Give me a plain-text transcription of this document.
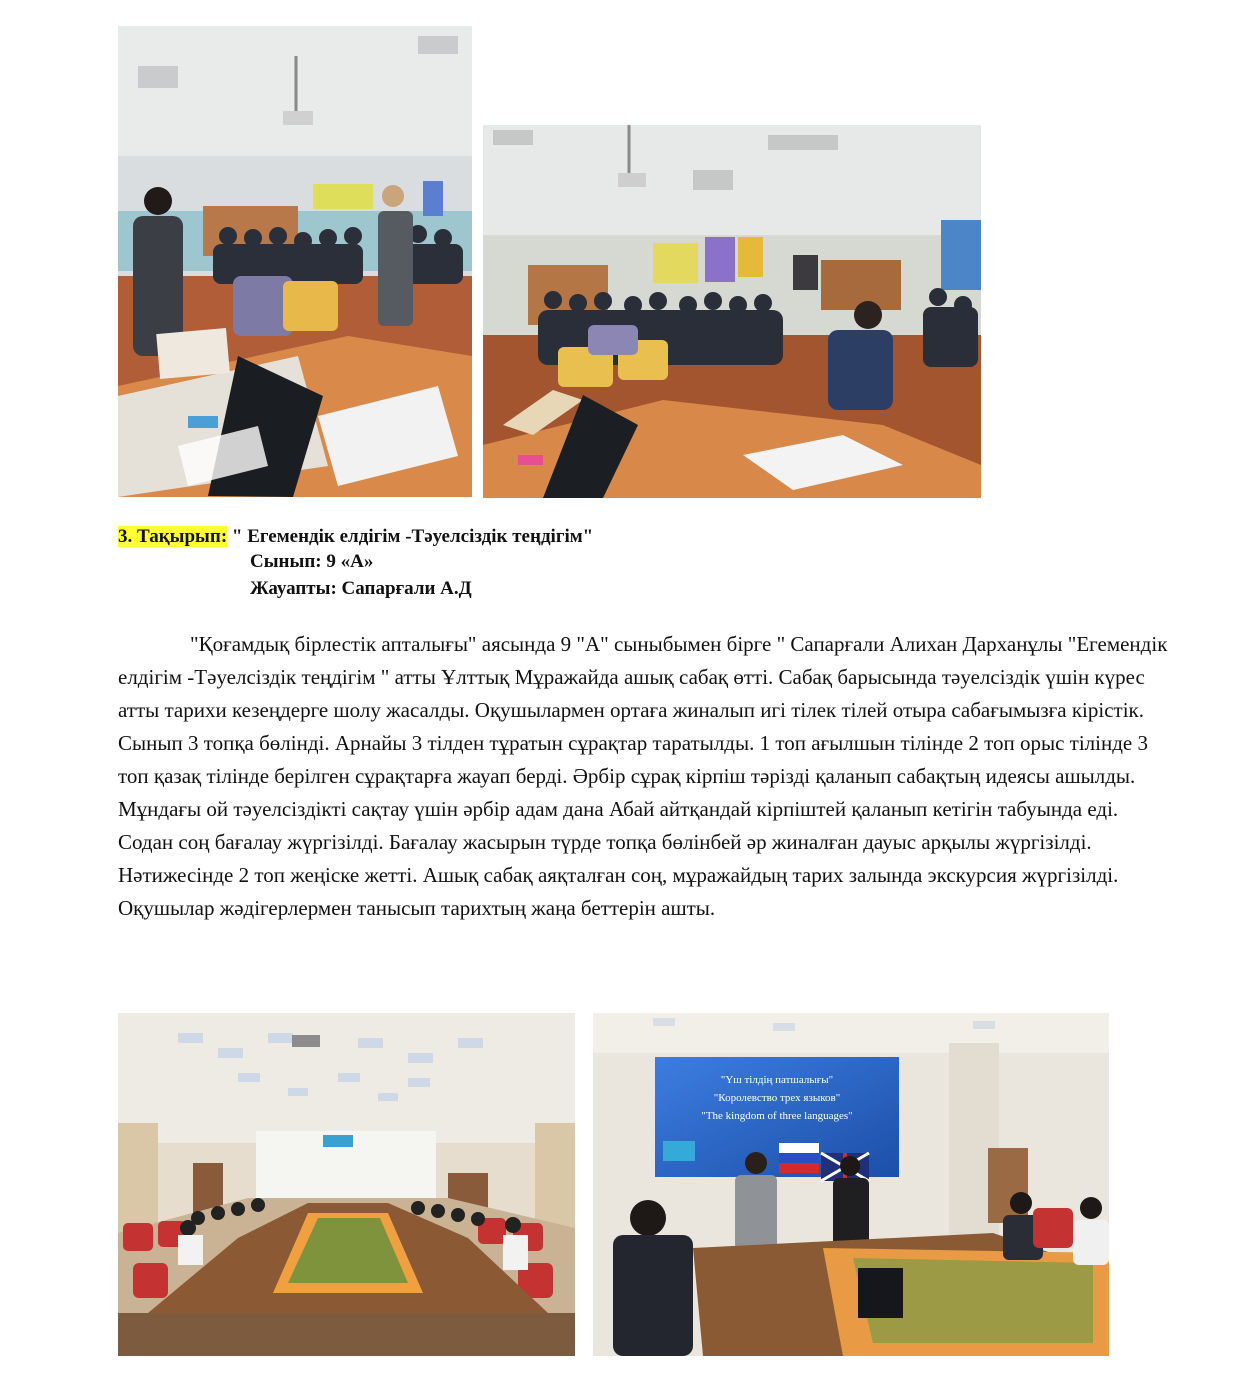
3. Тақырып: " Егемендік елдігім -Тәуелсіздік теңдігім"
Сынып: 9 «А»
Жауапты: Сапарғали А.Д

"Қоғамдық бірлестік апталығы" аясында 9 "А" сыныбымен бірге " Сапарғали Алихан Дарханұлы "Егемендік елдігім -Тәуелсіздік теңдігім " атты Ұлттық Мұражайда ашық сабақ өтті. Сабақ барысында тәуелсіздік үшін күрес атты тарихи кезеңдерге шолу жасалды. Оқушылармен ортаға жиналып игі тілек тілей отыра сабағымызға кірістік. Сынып 3 топқа бөлінді. Арнайы 3 тілден тұратын сұрақтар таратылды. 1 топ ағылшын тілінде 2 топ орыс тілінде 3 топ қазақ тілінде берілген сұрақтарға жауап берді. Әрбір сұрақ кірпіш тәрізді қаланып сабақтың идеясы ашылды. Мұндағы ой тәуелсіздікті сақтау үшін әрбір адам дана Абай айтқандай кірпіштей қаланып кетігін табуында еді. Содан соң бағалау жүргізілді. Бағалау жасырын түрде топқа бөлінбей әр жиналған дауыс арқылы жүргізілді. Нәтижесінде 2 топ жеңіске жетті. Ашық сабақ аяқталған соң, мұражайдың тарих залында экскурсия жүргізілді. Оқушылар жәдігерлермен танысып тарихтың жаңа беттерін ашты.

"Үш тілдің патшалығы"
"Королевство трех языков"
"The kingdom of three languages"
